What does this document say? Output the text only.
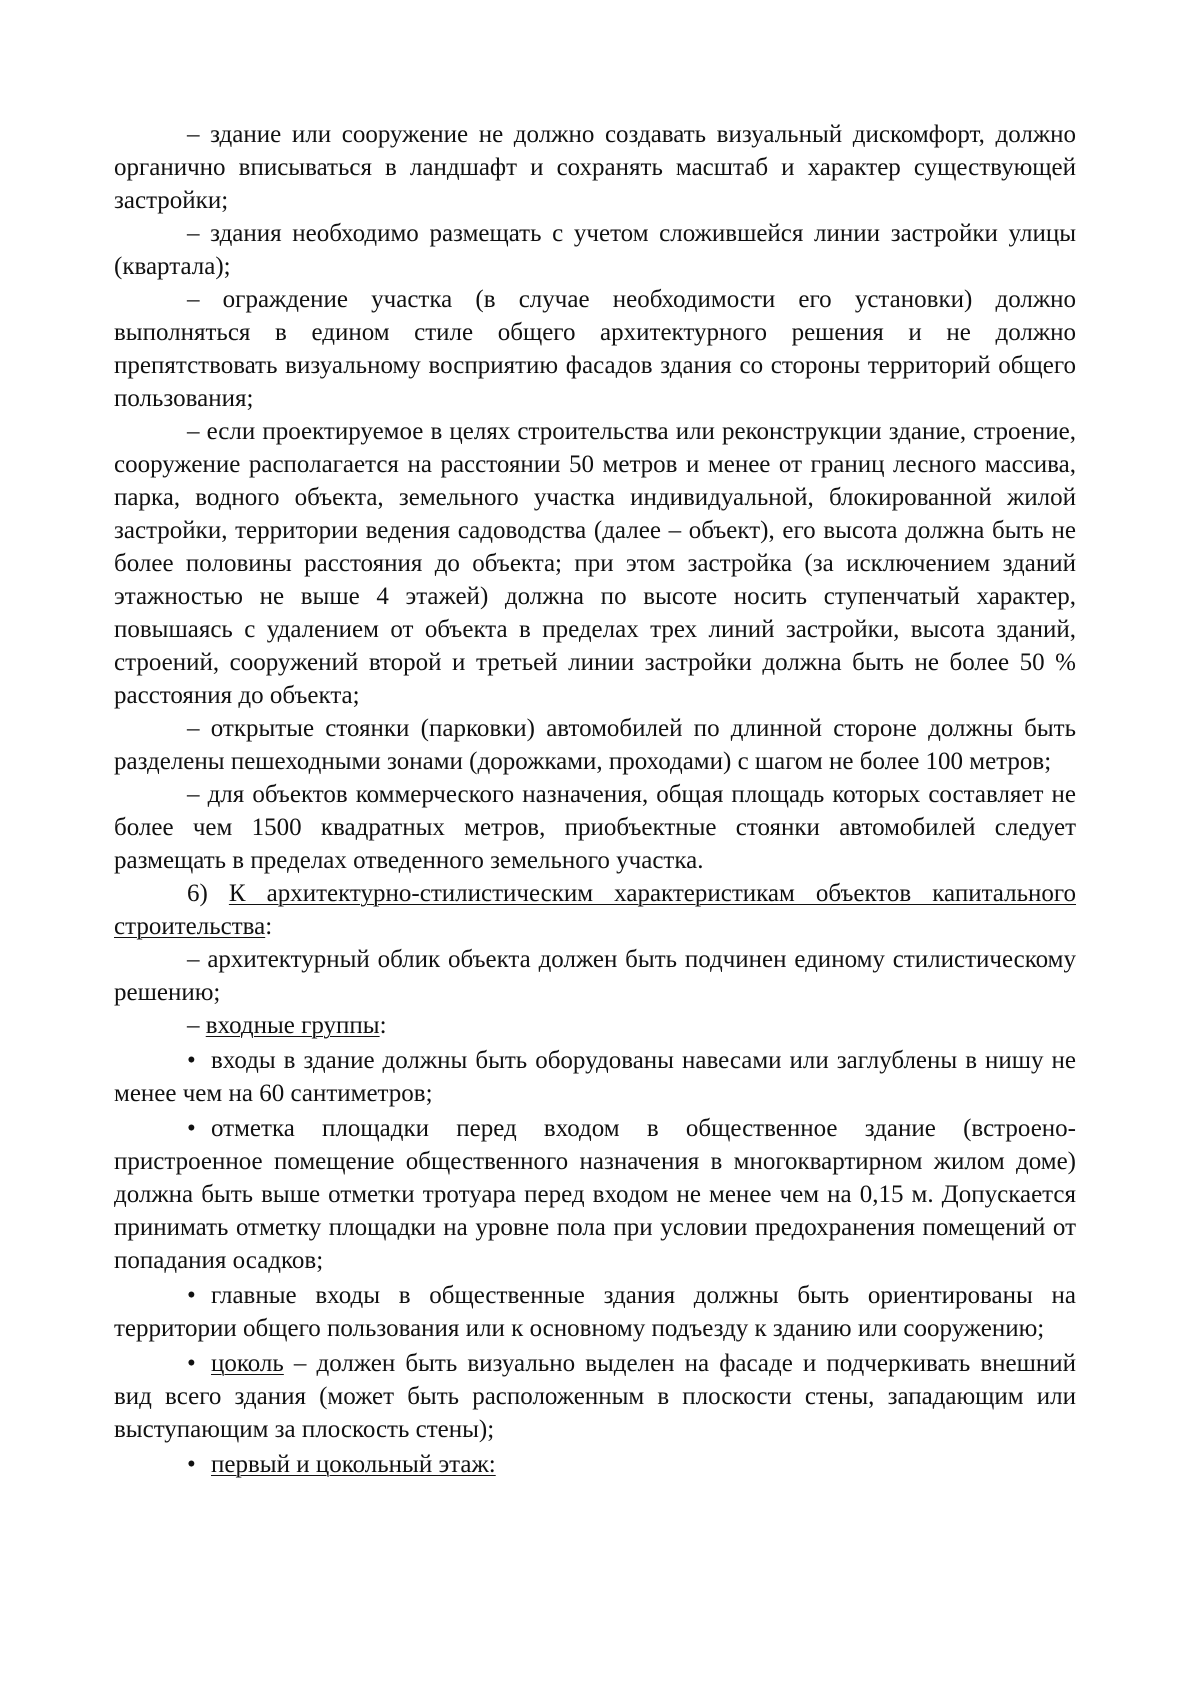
– здание или сооружение не должно создавать визуальный дискомфорт, должно органично вписываться в ландшафт и сохранять масштаб и характер существующей застройки;

– здания необходимо размещать с учетом сложившейся линии застройки улицы (квартала);

– ограждение участка (в случае необходимости его установки) должно выполняться в едином стиле общего архитектурного решения и не должно препятствовать визуальному восприятию фасадов здания со стороны территорий общего пользования;

– если проектируемое в целях строительства или реконструкции здание, строение, сооружение располагается на расстоянии 50 метров и менее от границ лесного массива, парка, водного объекта, земельного участка индивидуальной, блокированной жилой застройки, территории ведения садоводства (далее – объект), его высота должна быть не более половины расстояния до объекта; при этом застройка (за исключением зданий этажностью не выше 4 этажей) должна по высоте носить ступенчатый характер, повышаясь с удалением от объекта в пределах трех линий застройки, высота зданий, строений, сооружений второй и третьей линии застройки должна быть не более 50 % расстояния до объекта;

– открытые стоянки (парковки) автомобилей по длинной стороне должны быть разделены пешеходными зонами (дорожками, проходами) с шагом не более 100 метров;

– для объектов коммерческого назначения, общая площадь которых составляет не более чем 1500 квадратных метров, приобъектные стоянки автомобилей следует размещать в пределах отведенного земельного участка.

6) К архитектурно-стилистическим характеристикам объектов капитального строительства:

– архитектурный облик объекта должен быть подчинен единому стилистическому решению;

– входные группы:

• входы в здание должны быть оборудованы навесами или заглублены в нишу не менее чем на 60 сантиметров;

• отметка площадки перед входом в общественное здание (встроено-пристроенное помещение общественного назначения в многоквартирном жилом доме) должна быть выше отметки тротуара перед входом не менее чем на 0,15 м. Допускается принимать отметку площадки на уровне пола при условии предохранения помещений от попадания осадков;

• главные входы в общественные здания должны быть ориентированы на территории общего пользования или к основному подъезду к зданию или сооружению;

• цоколь – должен быть визуально выделен на фасаде и подчеркивать внешний вид всего здания (может быть расположенным в плоскости стены, западающим или выступающим за плоскость стены);

• первый и цокольный этаж:
